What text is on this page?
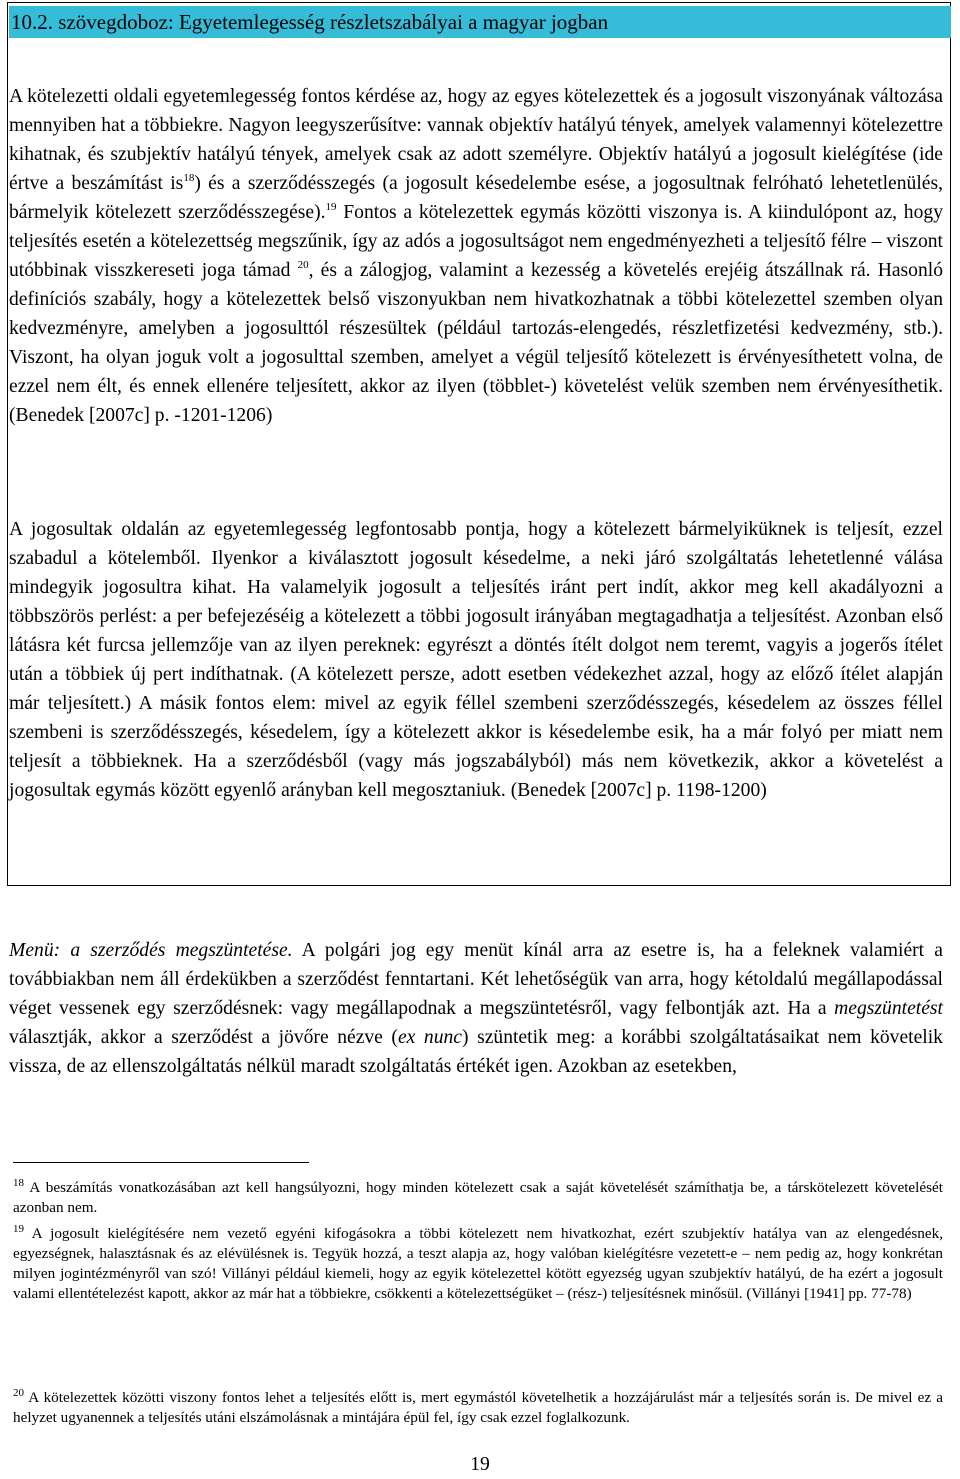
10.2. szövegdoboz: Egyetemlegesség részletszabályai a magyar jogban

A kötelezetti oldali egyetemlegesség fontos kérdése az, hogy az egyes kötelezettek és a jogosult viszonyának változása mennyiben hat a többiekre. Nagyon leegyszerűsítve: vannak objektív hatályú tények, amelyek valamennyi kötelezettre kihatnak, és szubjektív hatályú tények, amelyek csak az adott személyre. Objektív hatályú a jogosult kielégítése (ide értve a beszámítást $is^{18}$) és a szerződésszegés (a jogosult késedelembe esése, a jogosultnak felróható lehetetlenülés, bármelyik kötelezett szerződésszegése).$^{19}$ Fontos a kötelezettek egymás közötti viszonya is. A kiindulópont az, hogy teljesítés esetén a kötelezettség megszűnik, így az adós a jogosultságot nem engedményezheti a teljesítő félre – viszont utóbbinak visszkereseti joga támad $^{20}$, és a zálogjog, valamint a kezesség a követelés erejéig átszállnak rá. Hasonló definíciós szabály, hogy a kötelezettek belső viszonyukban nem hivatkozhatnak a többi kötelezettel szemben olyan kedvezményre, amelyben a jogosulttól részesültek (például tartozás-elengedés, részletfizetési kedvezmény, stb.). Viszont, ha olyan joguk volt a jogosulttal szemben, amelyet a végül teljesítő kötelezett is érvényesíthetett volna, de ezzel nem élt, és ennek ellenére teljesített, akkor az ilyen (többlet-) követelést velük szemben nem érvényesíthetik. (Benedek [2007c] p. -1201-1206)

A jogosultak oldalán az egyetemlegesség legfontosabb pontja, hogy a kötelezett bármelyiküknek is teljesít, ezzel szabadul a kötelemből. Ilyenkor a kiválasztott jogosult késedelme, a neki járó szolgáltatás lehetetlenné válása mindegyik jogosultra kihat. Ha valamelyik jogosult a teljesítés iránt pert indít, akkor meg kell akadályozni a többszörös perlést: a per befejezéséig a kötelezett a többi jogosult irányában megtagadhatja a teljesítést. Azonban első látásra két furcsa jellemzője van az ilyen pereknek: egyrészt a döntés ítélt dolgot nem teremt, vagyis a jogerős ítélet után a többiek új pert indíthatnak. (A kötelezett persze, adott esetben védekezhet azzal, hogy az előző ítélet alapján már teljesített.) A másik fontos elem: mivel az egyik féllel szembeni szerződésszegés, késedelem az összes féllel szembeni is szerződésszegés, késedelem, így a kötelezett akkor is késedelembe esik, ha a már folyó per miatt nem teljesít a többieknek. Ha a szerződésből (vagy más jogszabályból) más nem következik, akkor a követelést a jogosultak egymás között egyenlő arányban kell megosztaniuk. (Benedek [2007c] p. 1198-1200)

Menü: a szerződés megszüntetése. A polgári jog egy menüt kínál arra az esetre is, ha a feleknek valamiért a továbbiakban nem áll érdekükben a szerződést fenntartani. Két lehetőségük van arra, hogy kétoldalú megállapodással véget vessenek egy szerződésnek: vagy megállapodnak a megszüntetésről, vagy felbontják azt. Ha a megszüntetést választják, akkor a szerződést a jövőre nézve (ex nunc) szüntetik meg: a korábbi szolgáltatásaikat nem követelik vissza, de az ellenszolgáltatás nélkül maradt szolgáltatás értékét igen. Azokban az esetekben,

$^{18}$ A beszámítás vonatkozásában azt kell hangsúlyozni, hogy minden kötelezett csak a saját követelését számíthatja be, a társkötelezett követelését azonban nem.

$^{19}$ A jogosult kielégítésére nem vezető egyéni kifogásokra a többi kötelezett nem hivatkozhat, ezért szubjektív hatálya van az elengedésnek, egyezségnek, halasztásnak és az elévülésnek is. Tegyük hozzá, a teszt alapja az, hogy valóban kielégítésre vezetett-e – nem pedig az, hogy konkrétan milyen jogintézményről van szó! Villányi például kiemeli, hogy az egyik kötelezettel kötött egyezség ugyan szubjektív hatályú, de ha ezért a jogosult valami ellentételezést kapott, akkor az már hat a többiekre, csökkenti a kötelezettségüket – (rész-) teljesítésnek minősül. (Villányi [1941] pp. 77-78)

$^{20}$ A kötelezettek közötti viszony fontos lehet a teljesítés előtt is, mert egymástól követelhetik a hozzájárulást már a teljesítés során is. De mivel ez a helyzet ugyanennek a teljesítés utáni elszámolásnak a mintájára épül fel, így csak ezzel foglalkozunk.

19
